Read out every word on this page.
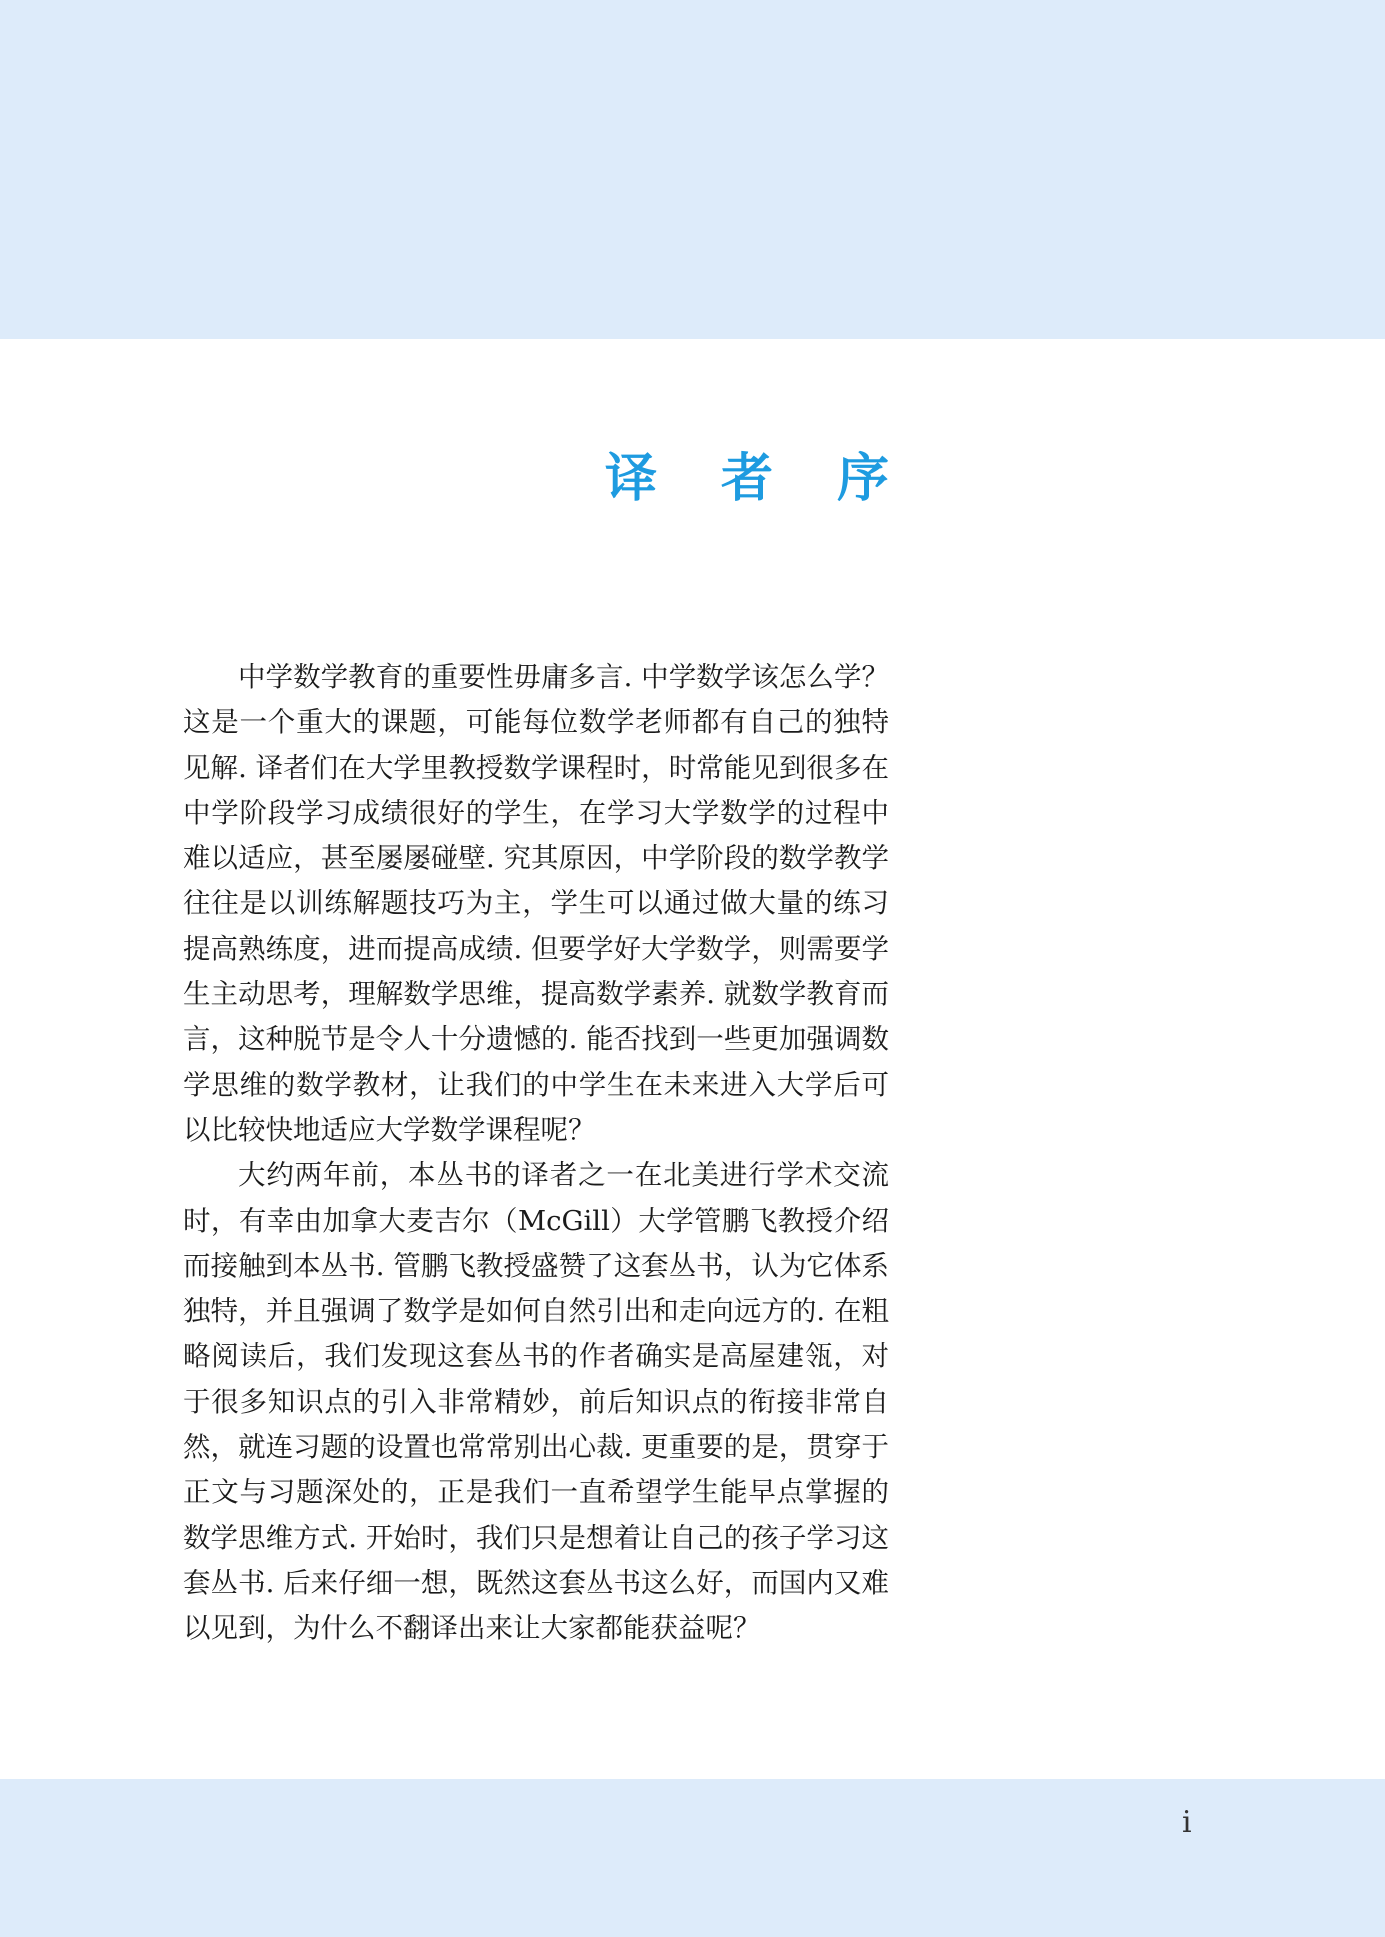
译者序

中学数学教育的重要性毋庸多言. 中学数学该怎么学？这是一个重大的课题，可能每位数学老师都有自己的独特见解. 译者们在大学里教授数学课程时，时常能见到很多在中学阶段学习成绩很好的学生，在学习大学数学的过程中难以适应，甚至屡屡碰壁. 究其原因，中学阶段的数学教学往往是以训练解题技巧为主，学生可以通过做大量的练习提高熟练度，进而提高成绩. 但要学好大学数学，则需要学生主动思考，理解数学思维，提高数学素养. 就数学教育而言，这种脱节是令人十分遗憾的. 能否找到一些更加强调数学思维的数学教材，让我们的中学生在未来进入大学后可以比较快地适应大学数学课程呢？

大约两年前，本丛书的译者之一在北美进行学术交流时，有幸由加拿大麦吉尔（McGill）大学管鹏飞教授介绍而接触到本丛书. 管鹏飞教授盛赞了这套丛书，认为它体系独特，并且强调了数学是如何自然引出和走向远方的. 在粗略阅读后，我们发现这套丛书的作者确实是高屋建瓴，对于很多知识点的引入非常精妙，前后知识点的衔接非常自然，就连习题的设置也常常别出心裁. 更重要的是，贯穿于正文与习题深处的，正是我们一直希望学生能早点掌握的数学思维方式. 开始时，我们只是想着让自己的孩子学习这套丛书. 后来仔细一想，既然这套丛书这么好，而国内又难以见到，为什么不翻译出来让大家都能获益呢？

i
